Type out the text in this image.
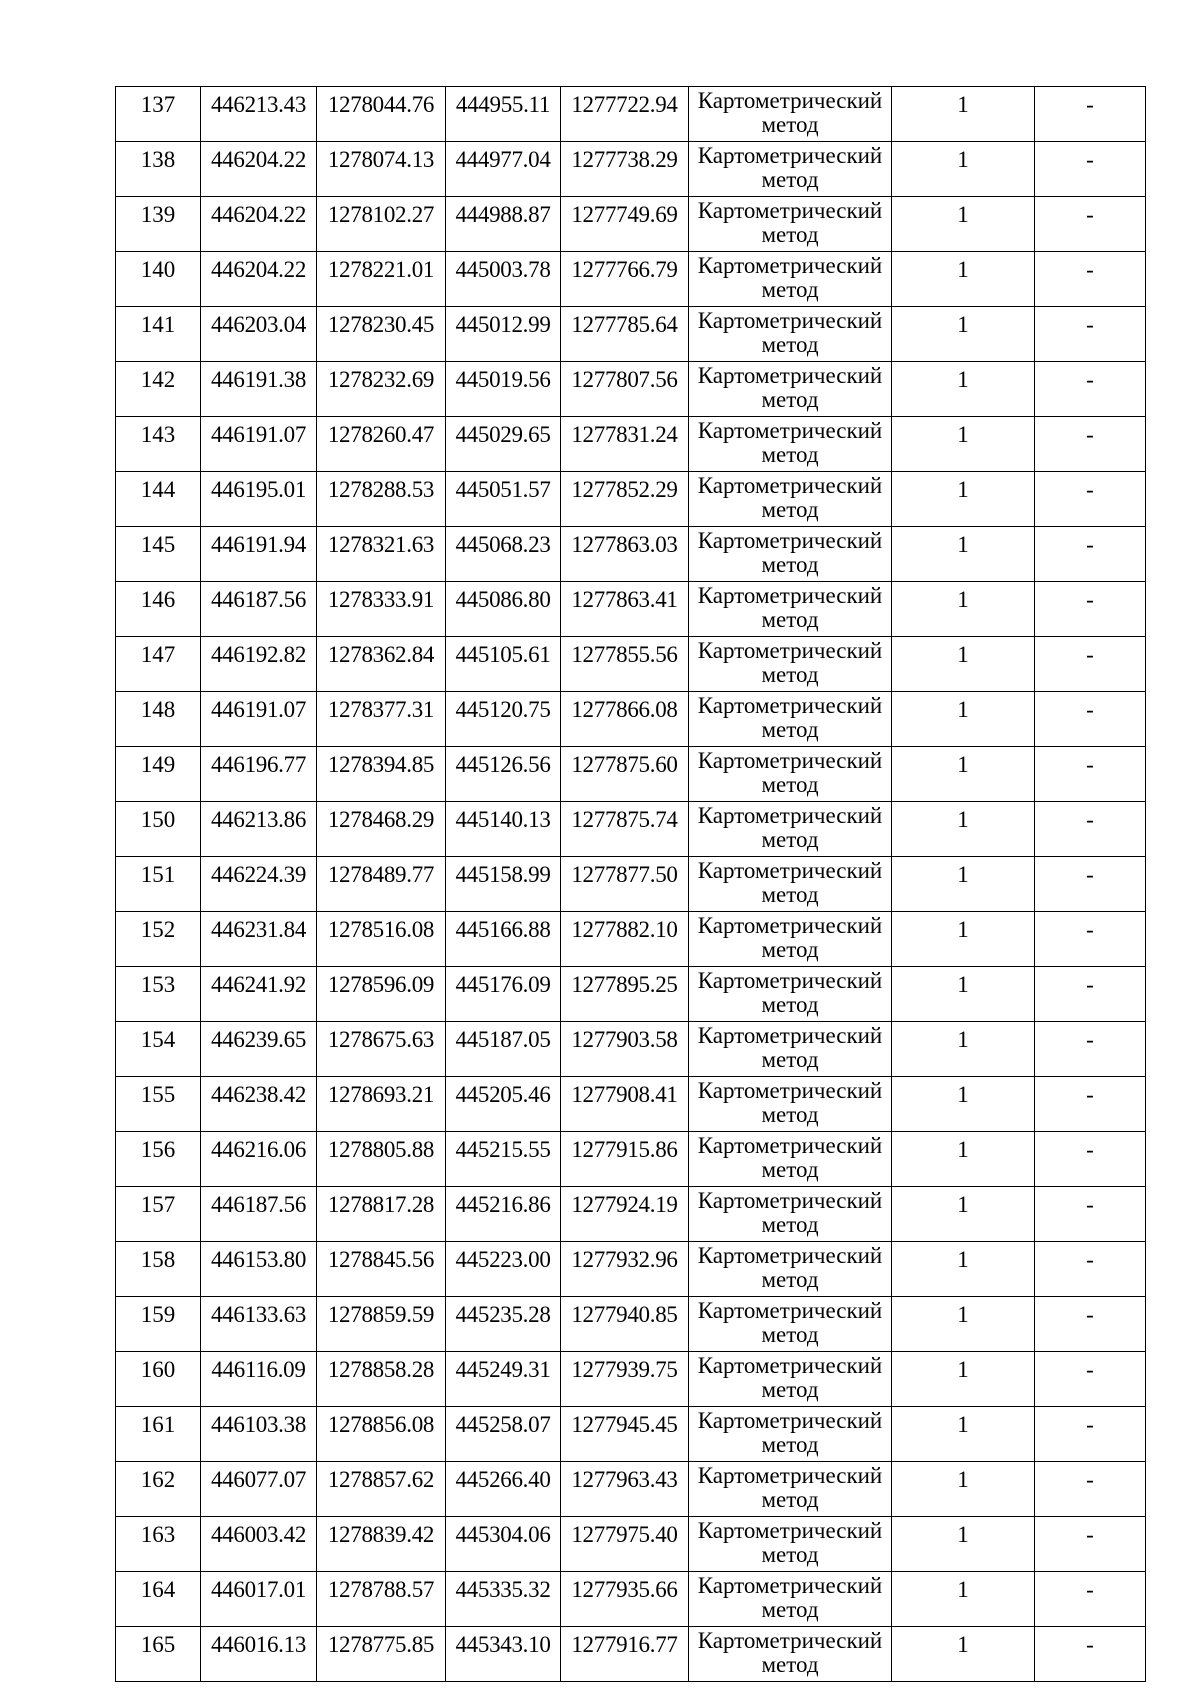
137	446213.43	1278044.76	444955.11	1277722.94	Картометрический
метод	1	-
138	446204.22	1278074.13	444977.04	1277738.29	Картометрический
метод	1	-
139	446204.22	1278102.27	444988.87	1277749.69	Картометрический
метод	1	-
140	446204.22	1278221.01	445003.78	1277766.79	Картометрический
метод	1	-
141	446203.04	1278230.45	445012.99	1277785.64	Картометрический
метод	1	-
142	446191.38	1278232.69	445019.56	1277807.56	Картометрический
метод	1	-
143	446191.07	1278260.47	445029.65	1277831.24	Картометрический
метод	1	-
144	446195.01	1278288.53	445051.57	1277852.29	Картометрический
метод	1	-
145	446191.94	1278321.63	445068.23	1277863.03	Картометрический
метод	1	-
146	446187.56	1278333.91	445086.80	1277863.41	Картометрический
метод	1	-
147	446192.82	1278362.84	445105.61	1277855.56	Картометрический
метод	1	-
148	446191.07	1278377.31	445120.75	1277866.08	Картометрический
метод	1	-
149	446196.77	1278394.85	445126.56	1277875.60	Картометрический
метод	1	-
150	446213.86	1278468.29	445140.13	1277875.74	Картометрический
метод	1	-
151	446224.39	1278489.77	445158.99	1277877.50	Картометрический
метод	1	-
152	446231.84	1278516.08	445166.88	1277882.10	Картометрический
метод	1	-
153	446241.92	1278596.09	445176.09	1277895.25	Картометрический
метод	1	-
154	446239.65	1278675.63	445187.05	1277903.58	Картометрический
метод	1	-
155	446238.42	1278693.21	445205.46	1277908.41	Картометрический
метод	1	-
156	446216.06	1278805.88	445215.55	1277915.86	Картометрический
метод	1	-
157	446187.56	1278817.28	445216.86	1277924.19	Картометрический
метод	1	-
158	446153.80	1278845.56	445223.00	1277932.96	Картометрический
метод	1	-
159	446133.63	1278859.59	445235.28	1277940.85	Картометрический
метод	1	-
160	446116.09	1278858.28	445249.31	1277939.75	Картометрический
метод	1	-
161	446103.38	1278856.08	445258.07	1277945.45	Картометрический
метод	1	-
162	446077.07	1278857.62	445266.40	1277963.43	Картометрический
метод	1	-
163	446003.42	1278839.42	445304.06	1277975.40	Картометрический
метод	1	-
164	446017.01	1278788.57	445335.32	1277935.66	Картометрический
метод	1	-
165	446016.13	1278775.85	445343.10	1277916.77	Картометрический
метод	1	-
